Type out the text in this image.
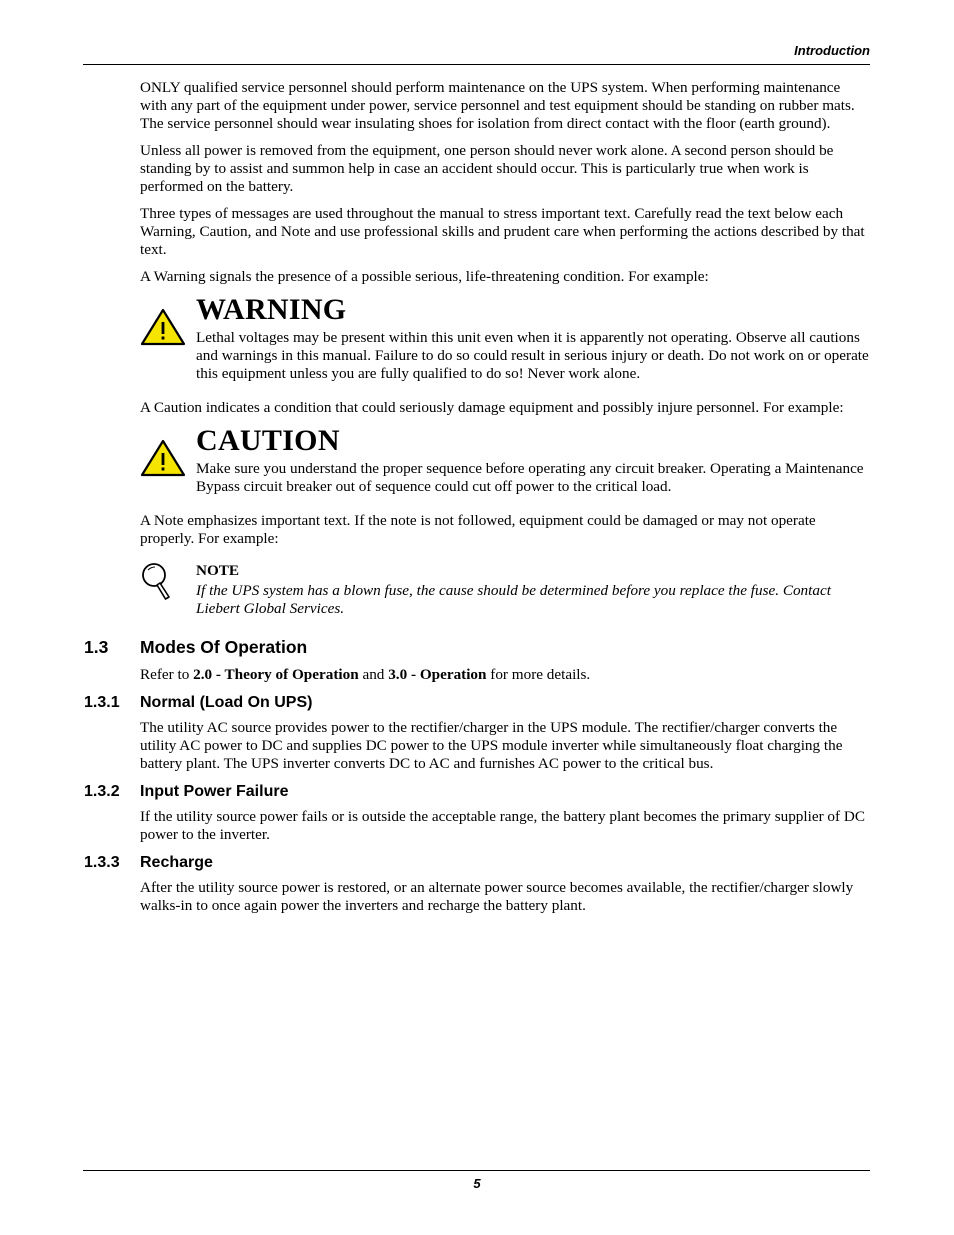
Introduction

ONLY qualified service personnel should perform maintenance on the UPS system. When performing maintenance with any part of the equipment under power, service personnel and test equipment should be standing on rubber mats. The service personnel should wear insulating shoes for isolation from direct contact with the floor (earth ground).

Unless all power is removed from the equipment, one person should never work alone. A second person should be standing by to assist and summon help in case an accident should occur. This is particularly true when work is performed on the battery.

Three types of messages are used throughout the manual to stress important text. Carefully read the text below each Warning, Caution, and Note and use professional skills and prudent care when performing the actions described by that text.

A Warning signals the presence of a possible serious, life-threatening condition. For example:

WARNING

Lethal voltages may be present within this unit even when it is apparently not operating. Observe all cautions and warnings in this manual. Failure to do so could result in serious injury or death. Do not work on or operate this equipment unless you are fully qualified to do so! Never work alone.

A Caution indicates a condition that could seriously damage equipment and possibly injure personnel. For example:

CAUTION

Make sure you understand the proper sequence before operating any circuit breaker. Operating a Maintenance Bypass circuit breaker out of sequence could cut off power to the critical load.

A Note emphasizes important text. If the note is not followed, equipment could be damaged or may not operate properly. For example:

NOTE

If the UPS system has a blown fuse, the cause should be determined before you replace the fuse. Contact Liebert Global Services.

1.3 Modes Of Operation

Refer to 2.0 - Theory of Operation and 3.0 - Operation for more details.

1.3.1 Normal (Load On UPS)

The utility AC source provides power to the rectifier/charger in the UPS module. The rectifier/charger converts the utility AC power to DC and supplies DC power to the UPS module inverter while simultaneously float charging the battery plant. The UPS inverter converts DC to AC and furnishes AC power to the critical bus.

1.3.2 Input Power Failure

If the utility source power fails or is outside the acceptable range, the battery plant becomes the primary supplier of DC power to the inverter.

1.3.3 Recharge

After the utility source power is restored, or an alternate power source becomes available, the rectifier/charger slowly walks-in to once again power the inverters and recharge the battery plant.

5
